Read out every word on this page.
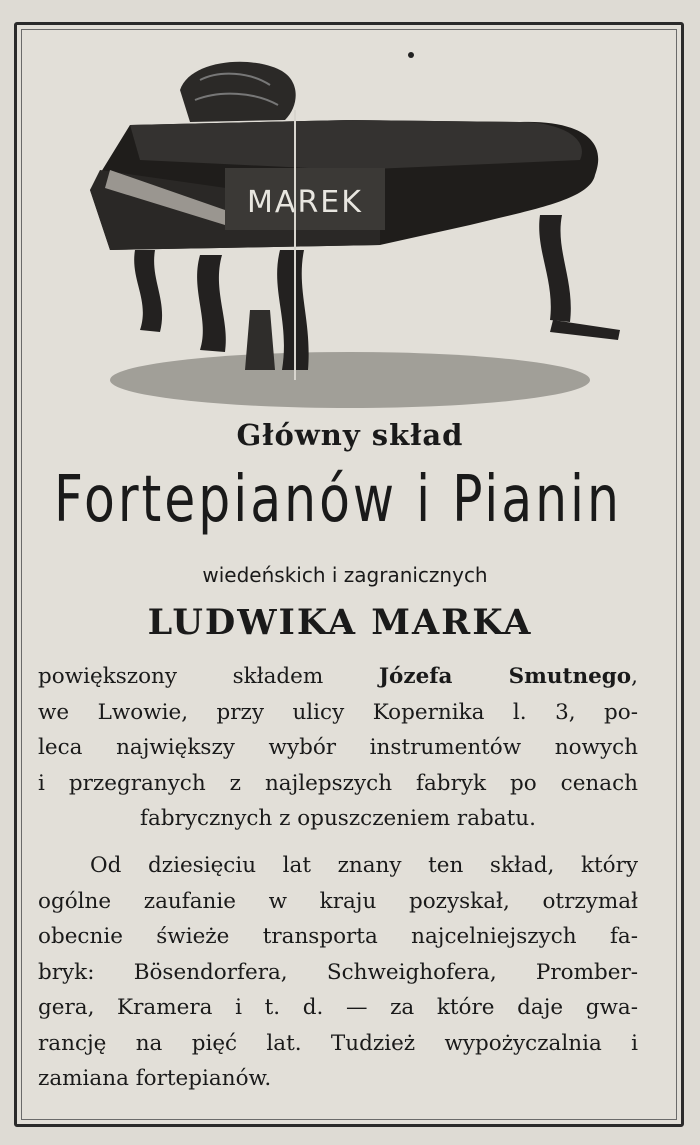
MAREK
Główny skład
Fortepianów i Pianin
wiedeńskich i zagranicznych
LUDWIKA MARKA
powiększony składem	Józefa Smutnego,
we Lwowie, przy ulicy Kopernika l. 3, po-
leca największy wybór instrumentów nowych
i przegranych z najlepszych fabryk po cenach
fabrycznych z opuszczeniem rabatu.
Od dziesięciu lat znany ten skład, który
ogólne zaufanie w kraju pozyskał, otrzymał
obecnie świeże transporta najcelniejszych fa-
bryk: Bösendorfera, Schweighofera, Promber-
gera, Kramera i t. d. — za które daje gwa-
rancję na pięć lat. Tudzież wypożyczalnia i
zamiana fortepianów.
